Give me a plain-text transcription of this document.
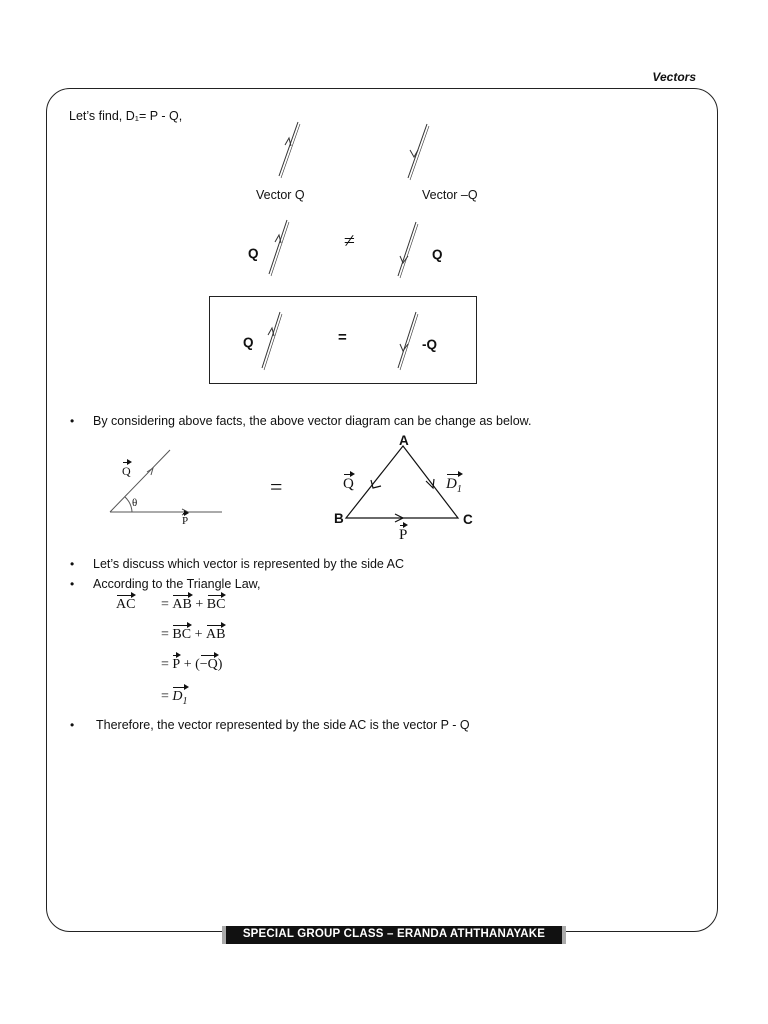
Vectors
Let’s find, D₁= P - Q,
Vector Q	Vector –Q
Q
≠
Q
Q	=	-Q
• By considering above facts, the above vector diagram can be change as below.
Q
θ
P
=
A
B	C
Q	$D_1$
P
• Let’s discuss which vector is represented by the side AC
• According to the Triangle Law,
AC = AB + BC
= BC + AB
= P + (−Q)
= $D_1$
• Therefore, the vector represented by the side AC is the vector P - Q
SPECIAL GROUP CLASS – ERANDA ATHTHANAYAKE
